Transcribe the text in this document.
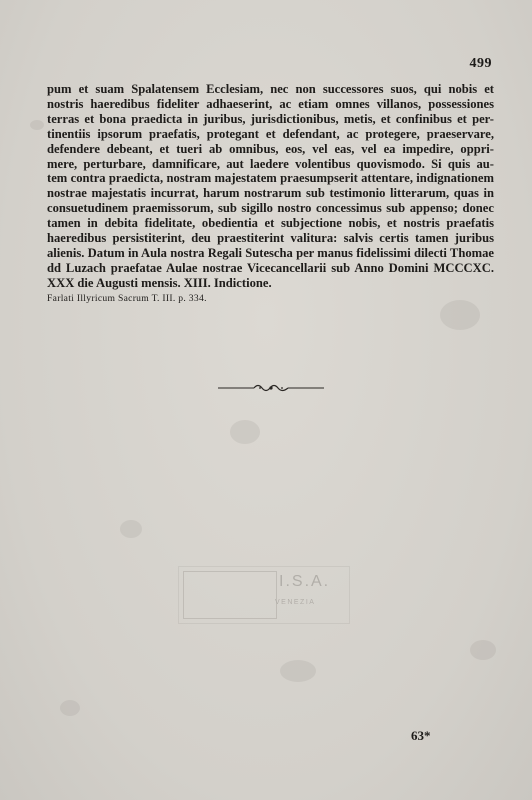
499
pum et suam Spalatensem Ecclesiam, nec non successores suos, qui nobis et
nostris haeredibus fideliter adhaeserint, ac etiam omnes villanos, possessiones
terras et bona praedicta in juribus, jurisdictionibus, metis, et confinibus et per-
tinentiis ipsorum praefatis, protegant et defendant, ac protegere, praeservare,
defendere debeant, et tueri ab omnibus, eos, vel eas, vel ea impedire, oppri-
mere, perturbare, damnificare, aut laedere volentibus quovismodo. Si quis au-
tem contra praedicta, nostram majestatem praesumpserit attentare, indignationem
nostrae majestatis incurrat, harum nostrarum sub testimonio litterarum, quas in
consuetudinem praemissorum, sub sigillo nostro concessimus sub appenso; donec
tamen in debita fidelitate, obedientia et subjectione nobis, et nostris praefatis
haeredibus persistiterint, deu praestiterint valitura: salvis certis tamen juribus
alienis. Datum in Aula nostra Regali Sutescha per manus fidelissimi dilecti Thomae
dd Luzach praefatae Aulae nostrae Vicecancellarii sub Anno Domini MCCCXC.
XXX die Augusti mensis. XIII. Indictione.
Farlati Illyricum Sacrum T. III. p. 334.
I.S.A.
VENEZIA
63*
